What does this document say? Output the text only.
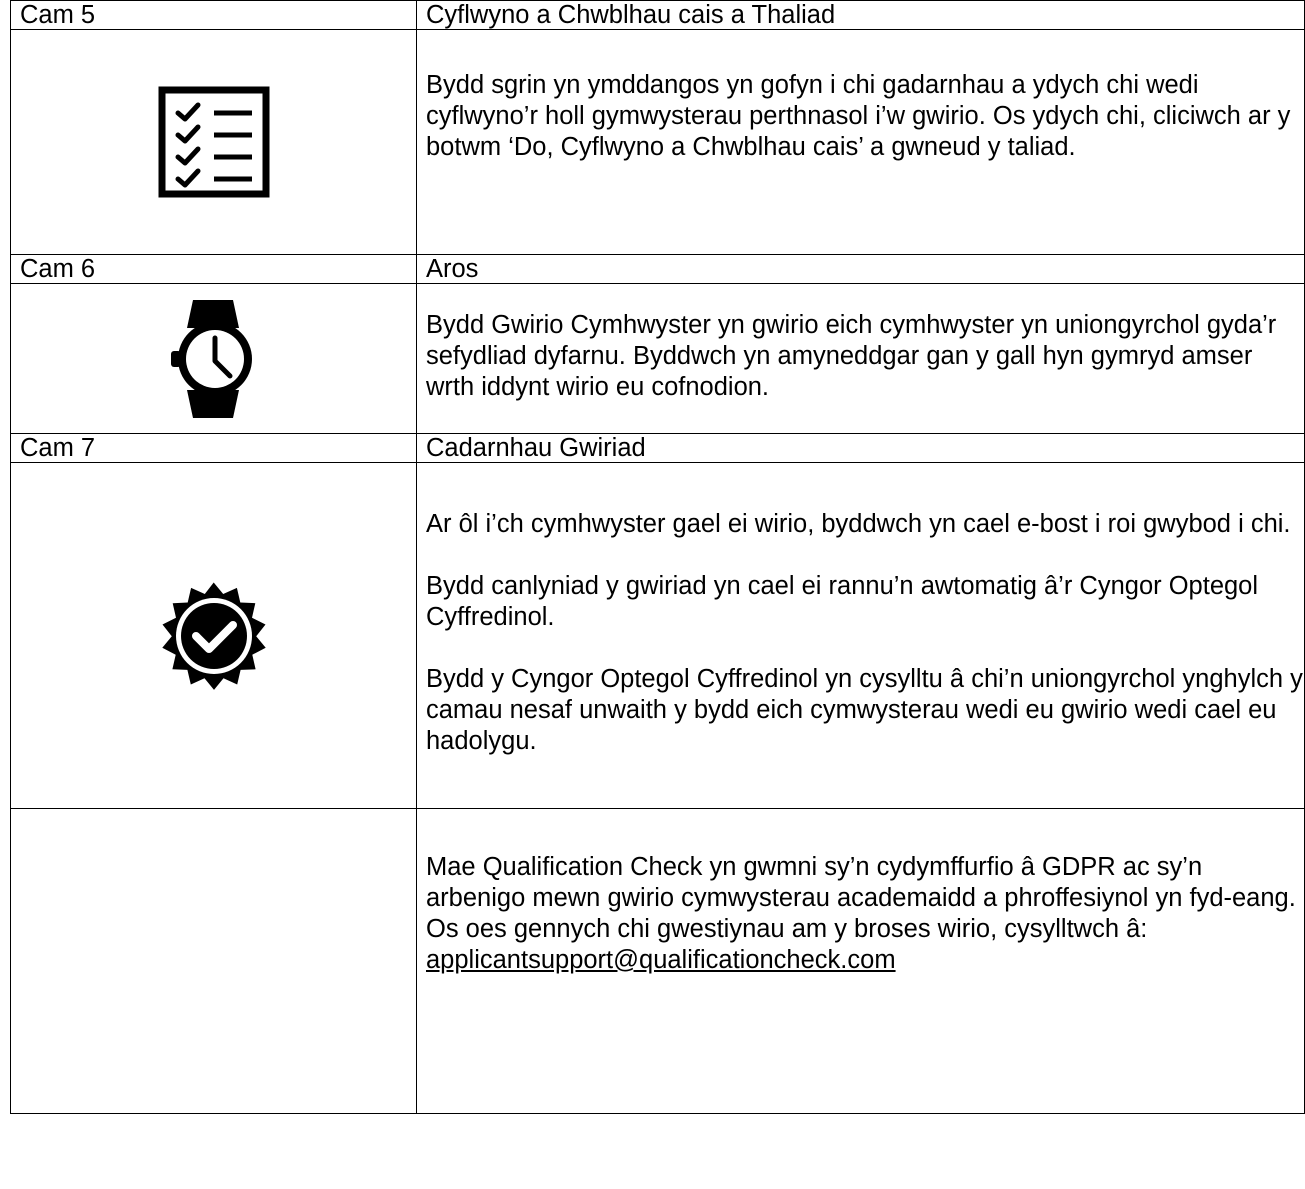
Cam 5	Cyflwyno a Chwblhau cais a Thaliad

Bydd sgrin yn ymddangos yn gofyn i chi gadarnhau a ydych chi wedi cyflwyno’r holl gymwysterau perthnasol i’w gwirio. Os ydych chi, cliciwch ar y botwm ‘Do, Cyflwyno a Chwblhau cais’ a gwneud y taliad.

Cam 6	Aros

Bydd Gwirio Cymhwyster yn gwirio eich cymhwyster yn uniongyrchol gyda’r sefydliad dyfarnu. Byddwch yn amyneddgar gan y gall hyn gymryd amser wrth iddynt wirio eu cofnodion.

Cam 7	Cadarnhau Gwiriad

Ar ôl i’ch cymhwyster gael ei wirio, byddwch yn cael e-bost i roi gwybod i chi.

Bydd canlyniad y gwiriad yn cael ei rannu’n awtomatig â’r Cyngor Optegol Cyffredinol.

Bydd y Cyngor Optegol Cyffredinol yn cysylltu â chi’n uniongyrchol ynghylch y camau nesaf unwaith y bydd eich cymwysterau wedi eu gwirio wedi cael eu hadolygu.

	Mae Qualification Check yn gwmni sy’n cydymffurfio â GDPR ac sy’n arbenigo mewn gwirio cymwysterau academaidd a phroffesiynol yn fyd-eang. Os oes gennych chi gwestiynau am y broses wirio, cysylltwch â:
applicantsupport@qualificationcheck.com
